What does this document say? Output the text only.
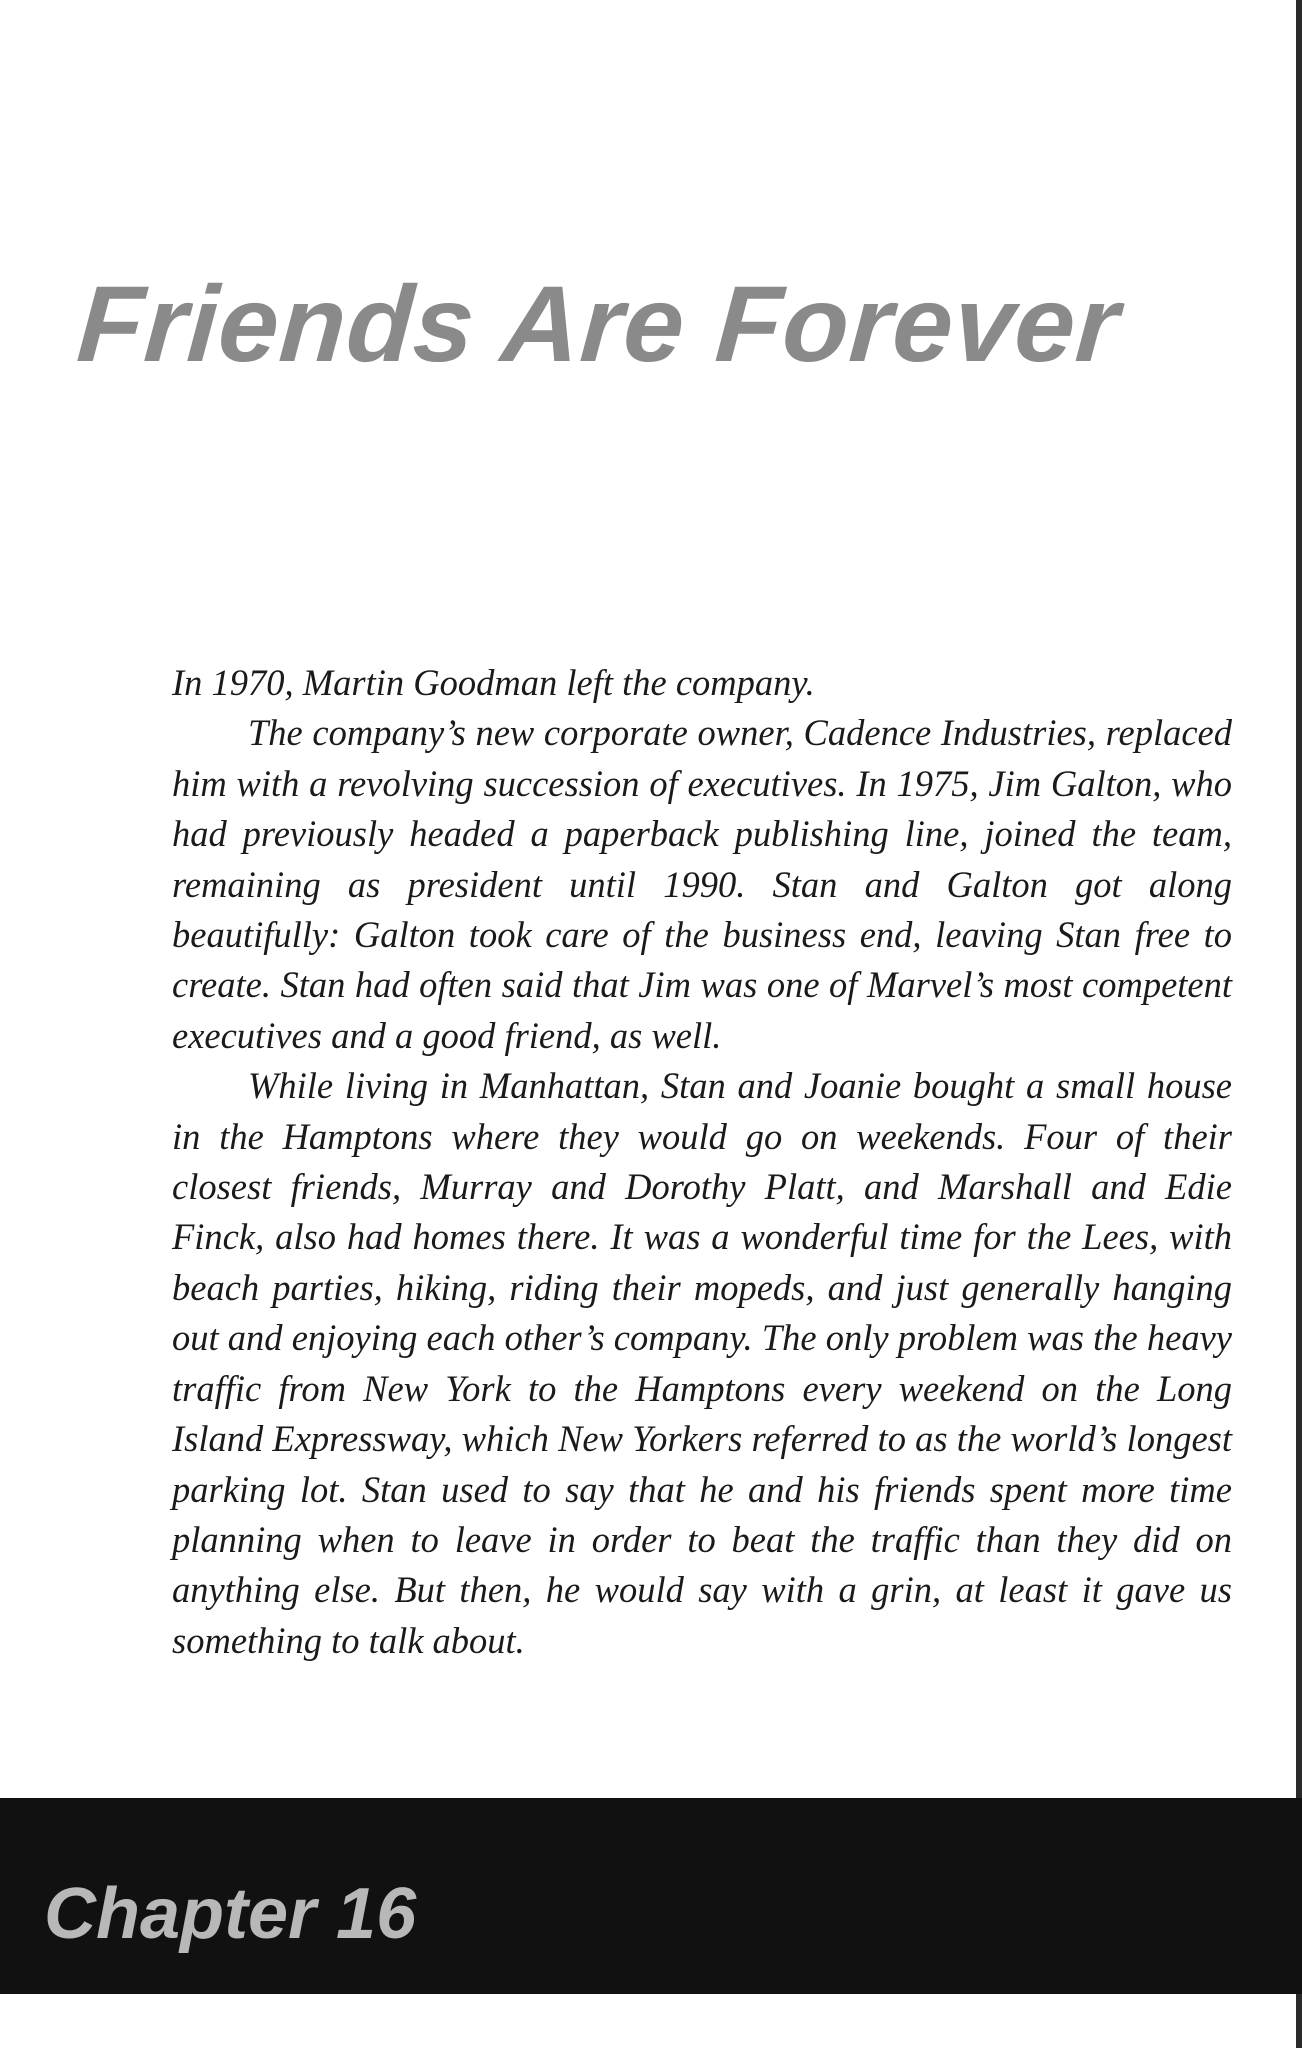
Friends Are Forever

In 1970, Martin Goodman left the company.

The company’s new corporate owner, Cadence Industries, replaced him with a revolving succession of executives. In 1975, Jim Galton, who had previously headed a paperback publishing line, joined the team, remaining as president until 1990. Stan and Galton got along beautifully: Galton took care of the business end, leaving Stan free to create. Stan had often said that Jim was one of Marvel’s most competent executives and a good friend, as well.

While living in Manhattan, Stan and Joanie bought a small house in the Hamptons where they would go on weekends. Four of their closest friends, Murray and Dorothy Platt, and Marshall and Edie Finck, also had homes there. It was a wonderful time for the Lees, with beach parties, hiking, riding their mopeds, and just generally hanging out and enjoying each other’s company. The only problem was the heavy traffic from New York to the Hamptons every weekend on the Long Island Expressway, which New Yorkers referred to as the world’s longest parking lot. Stan used to say that he and his friends spent more time planning when to leave in order to beat the traffic than they did on anything else. But then, he would say with a grin, at least it gave us something to talk about.

Chapter 16
